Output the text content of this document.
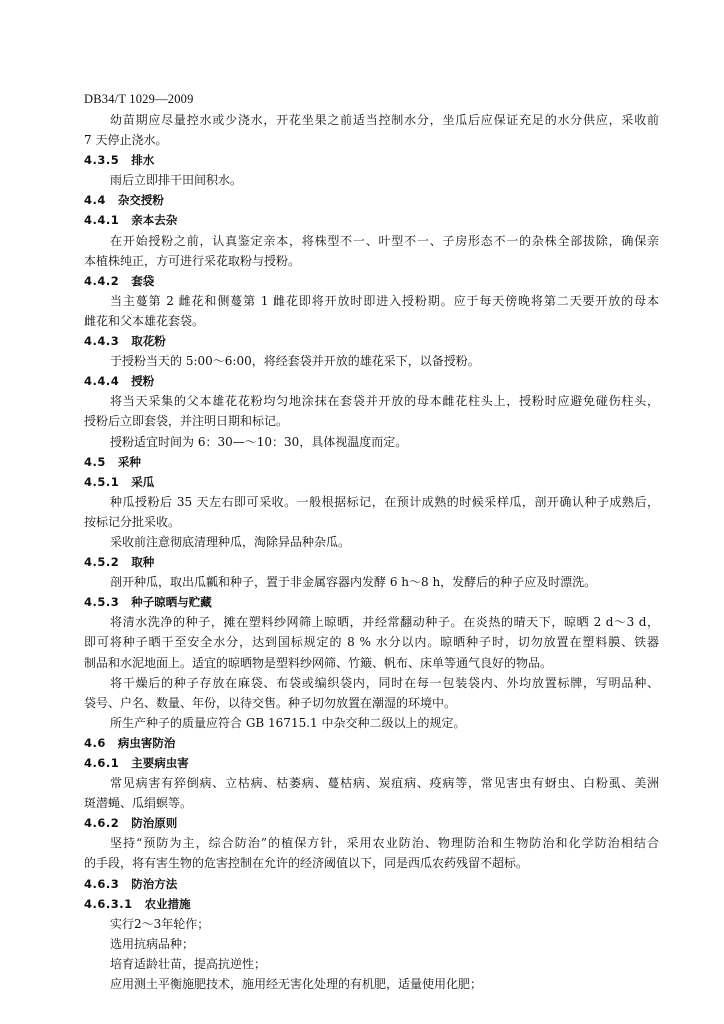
DB34/T 1029—2009
幼苗期应尽量控水或少浇水，开花坐果之前适当控制水分，坐瓜后应保证充足的水分供应，采收前
7 天停止浇水。
4.3.5 排水
雨后立即排干田间积水。
4.4 杂交授粉
4.4.1 亲本去杂
在开始授粉之前，认真鉴定亲本，将株型不一、叶型不一、子房形态不一的杂株全部拔除，确保亲
本植株纯正，方可进行采花取粉与授粉。
4.4.2 套袋
当主蔓第 2 雌花和侧蔓第 1 雌花即将开放时即进入授粉期。应于每天傍晚将第二天要开放的母本
雌花和父本雄花套袋。
4.4.3 取花粉
于授粉当天的 5:00～6:00，将经套袋并开放的雄花采下，以备授粉。
4.4.4 授粉
将当天采集的父本雄花花粉均匀地涂抹在套袋并开放的母本雌花柱头上，授粉时应避免碰伤柱头，
授粉后立即套袋，并注明日期和标记。
授粉适宜时间为 6：30—～10：30，具体视温度而定。
4.5 采种
4.5.1 采瓜
种瓜授粉后 35 天左右即可采收。一般根据标记，在预计成熟的时候采样瓜，剖开确认种子成熟后，
按标记分批采收。
采收前注意彻底清理种瓜，淘除异品种杂瓜。
4.5.2 取种
剖开种瓜，取出瓜瓤和种子，置于非金属容器内发酵 6 h～8 h，发酵后的种子应及时漂洗。
4.5.3 种子晾晒与贮藏
将清水洗净的种子，摊在塑料纱网筛上晾晒，并经常翻动种子。在炎热的晴天下，晾晒 2 d～3 d，
即可将种子晒干至安全水分，达到国标规定的 8 % 水分以内。晾晒种子时，切勿放置在塑料膜、铁器
制品和水泥地面上。适宜的晾晒物是塑料纱网筛、竹簸、帆布、床单等通气良好的物品。
将干燥后的种子存放在麻袋、布袋或编织袋内，同时在每一包装袋内、外均放置标牌，写明品种、
袋号、户名、数量、年份，以待交售。种子切勿放置在潮湿的环境中。
所生产种子的质量应符合 GB 16715.1 中杂交种二级以上的规定。
4.6 病虫害防治
4.6.1 主要病虫害
常见病害有猝倒病、立枯病、枯萎病、蔓枯病、炭疽病、疫病等，常见害虫有蚜虫、白粉虱、美洲
斑潜蝇、瓜绢螟等。
4.6.2 防治原则
坚持“预防为主，综合防治”的植保方针，采用农业防治、物理防治和生物防治和化学防治相结合
的手段，将有害生物的危害控制在允许的经济阈值以下，同是西瓜农药残留不超标。
4.6.3 防治方法
4.6.3.1 农业措施
实行2～3年轮作；
选用抗病品种；
培育适龄壮苗，提高抗逆性；
应用测土平衡施肥技术，施用经无害化处理的有机肥，适量使用化肥；
